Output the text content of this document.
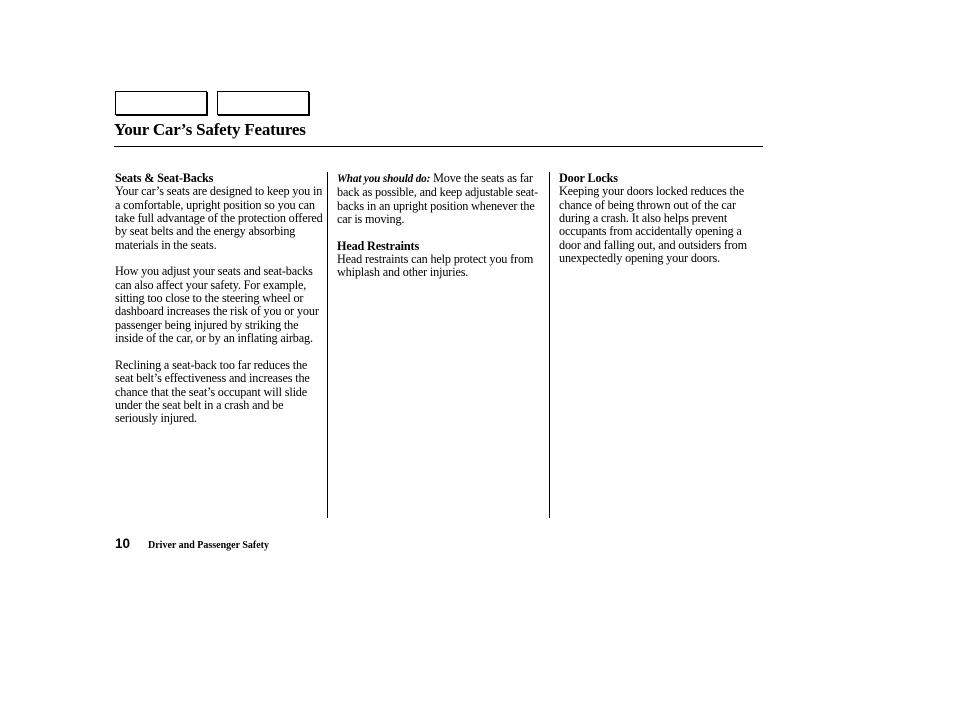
Your Car’s Safety Features
Seats & Seat-Backs

Your car’s seats are designed to keep you in a comfortable, upright position so you can take full advantage of the protection offered by seat belts and the energy absorbing materials in the seats.

How you adjust your seats and seat-backs can also affect your safety. For example, sitting too close to the steering wheel or dashboard increases the risk of you or your passenger being injured by striking the inside of the car, or by an inflating airbag.

Reclining a seat-back too far reduces the seat belt’s effectiveness and increases the chance that the seat’s occupant will slide under the seat belt in a crash and be seriously injured.

What you should do: Move the seats as far back as possible, and keep adjustable seat-backs in an upright position whenever the car is moving.

Head Restraints

Head restraints can help protect you from whiplash and other injuries.

Door Locks

Keeping your doors locked reduces the chance of being thrown out of the car during a crash. It also helps prevent occupants from accidentally opening a door and falling out, and outsiders from unexpectedly opening your doors.

10 Driver and Passenger Safety
